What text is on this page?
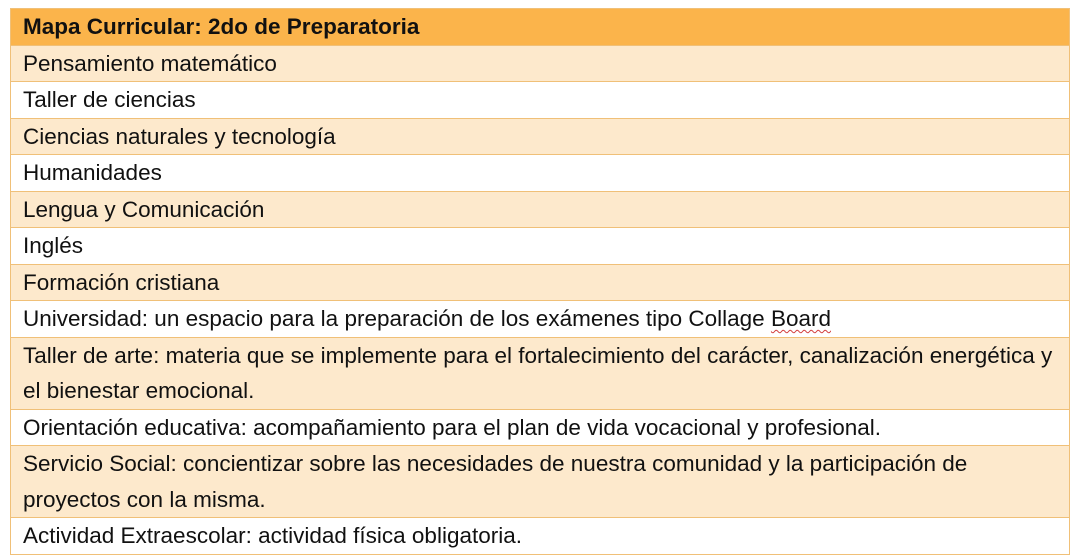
Mapa Curricular: 2do de Preparatoria
Pensamiento matemático
Taller de ciencias
Ciencias naturales y tecnología
Humanidades
Lengua y Comunicación
Inglés
Formación cristiana
Universidad: un espacio para la preparación de los exámenes tipo Collage Board
Taller de arte: materia que se implemente para el fortalecimiento del carácter, canalización energética y el bienestar emocional.
Orientación educativa: acompañamiento para el plan de vida vocacional y profesional.
Servicio Social: concientizar sobre las necesidades de nuestra comunidad y la participación de proyectos con la misma.
Actividad Extraescolar: actividad física obligatoria.
